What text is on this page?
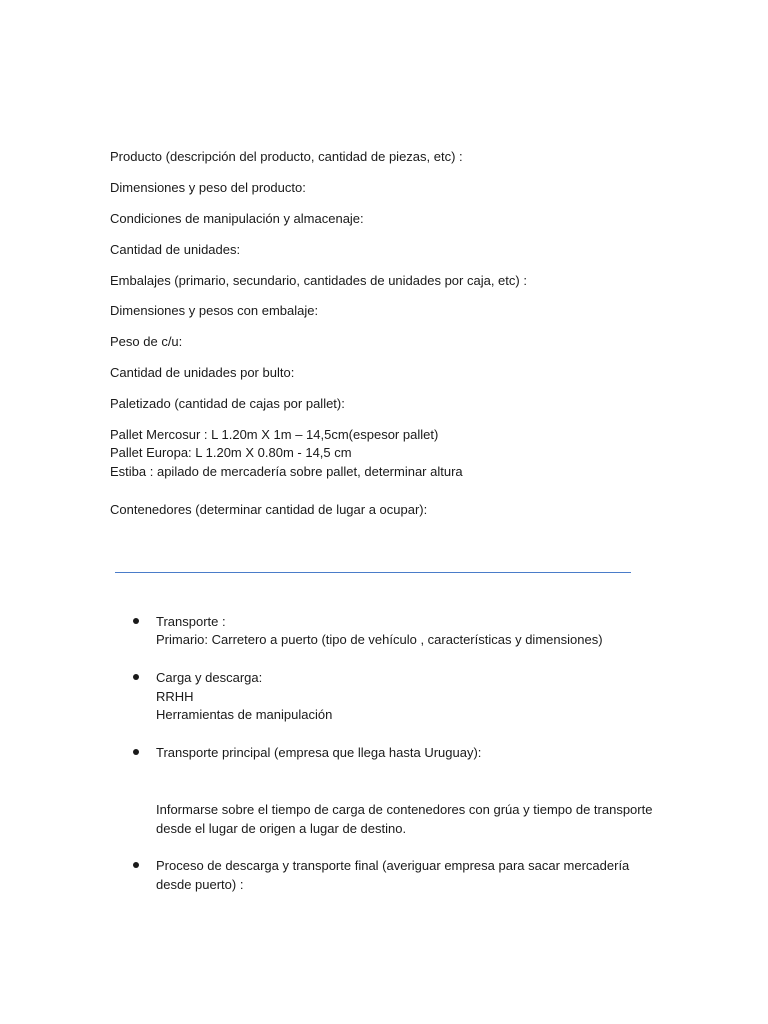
Producto (descripción del producto, cantidad de piezas, etc) :
Dimensiones y peso del producto:
Condiciones de manipulación y almacenaje:
Cantidad de unidades:
Embalajes (primario, secundario, cantidades de unidades por caja, etc) :
Dimensiones y pesos con embalaje:
Peso de c/u:
Cantidad de unidades por bulto:
Paletizado (cantidad de cajas por pallet):
Pallet Mercosur : L 1.20m X 1m – 14,5cm(espesor pallet)
Pallet Europa: L 1.20m X 0.80m - 14,5 cm
Estiba : apilado de mercadería sobre pallet, determinar altura
Contenedores (determinar cantidad de lugar a ocupar):
Transporte :
Primario: Carretero a puerto (tipo de vehículo , características y dimensiones)
Carga y descarga:
RRHH
Herramientas de manipulación
Transporte principal (empresa que llega hasta Uruguay):
Informarse sobre el tiempo de carga de contenedores con grúa y tiempo de transporte
desde el lugar de origen a lugar de destino.
Proceso de descarga y transporte final (averiguar empresa para sacar mercadería
desde puerto) :
